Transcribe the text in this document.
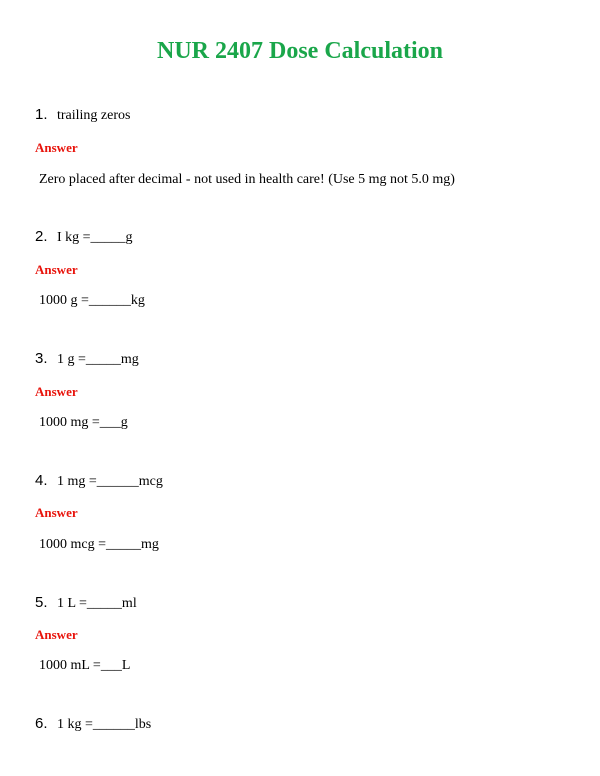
NUR 2407 Dose Calculation
1. trailing zeros
Answer
Zero placed after decimal - not used in health care! (Use 5 mg not 5.0 mg)
2. I kg =_____g
Answer
1000 g =______kg
3. 1 g =_____mg
Answer
1000 mg =___g
4. 1 mg =______mcg
Answer
1000 mcg =_____mg
5. 1 L =_____ml
Answer
1000 mL =___L
6. 1 kg =______lbs
